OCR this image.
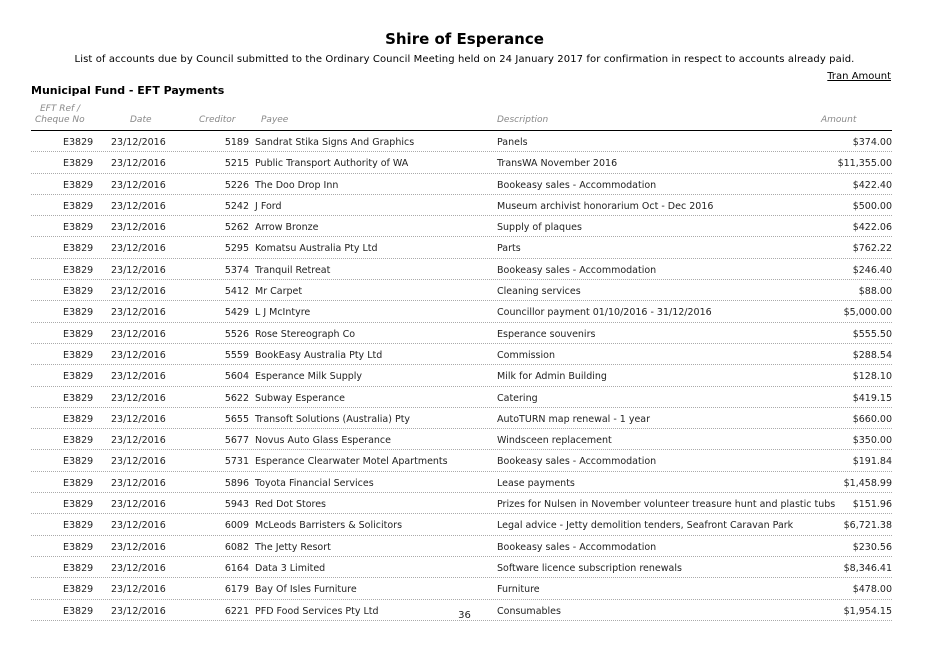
Shire of Esperance
List of accounts due by Council submitted to the Ordinary Council Meeting held on 24 January 2017 for confirmation in respect to accounts already paid.
Tran Amount
Municipal Fund - EFT Payments
EFT Ref /
Cheque No	Date	Creditor	Payee	Description	Amount
E3829 23/12/2016	5189 Sandrat Stika Signs And Graphics	Panels	$374.00
E3829 23/12/2016	5215 Public Transport Authority of WA	TransWA November 2016	$11,355.00
E3829 23/12/2016	5226 The Doo Drop Inn	Bookeasy sales - Accommodation	$422.40
E3829 23/12/2016	5242 J Ford	Museum archivist honorarium Oct - Dec 2016	$500.00
E3829 23/12/2016	5262 Arrow Bronze	Supply of plaques	$422.06
E3829 23/12/2016	5295 Komatsu Australia Pty Ltd	Parts	$762.22
E3829 23/12/2016	5374 Tranquil Retreat	Bookeasy sales - Accommodation	$246.40
E3829 23/12/2016	5412 Mr Carpet	Cleaning services	$88.00
E3829 23/12/2016	5429 L J McIntyre	Councillor payment 01/10/2016 - 31/12/2016	$5,000.00
E3829 23/12/2016	5526 Rose Stereograph Co	Esperance souvenirs	$555.50
E3829 23/12/2016	5559 BookEasy Australia Pty Ltd	Commission	$288.54
E3829 23/12/2016	5604 Esperance Milk Supply	Milk for Admin Building	$128.10
E3829 23/12/2016	5622 Subway Esperance	Catering	$419.15
E3829 23/12/2016	5655 Transoft Solutions (Australia) Pty	AutoTURN map renewal - 1 year	$660.00
E3829 23/12/2016	5677 Novus Auto Glass Esperance	Windsceen replacement	$350.00
E3829 23/12/2016	5731 Esperance Clearwater Motel Apartments	Bookeasy sales - Accommodation	$191.84
E3829 23/12/2016	5896 Toyota Financial Services	Lease payments	$1,458.99
E3829 23/12/2016	5943 Red Dot Stores	Prizes for Nulsen in November volunteer treasure hunt and plastic tubs $151.96
E3829 23/12/2016	6009 McLeods Barristers & Solicitors	Legal advice - Jetty demolition tenders, Seafront Caravan Park	$6,721.38
E3829 23/12/2016	6082 The Jetty Resort	Bookeasy sales - Accommodation	$230.56
E3829 23/12/2016	6164 Data 3 Limited	Software licence subscription renewals	$8,346.41
E3829 23/12/2016	6179 Bay Of Isles Furniture	Furniture	$478.00
E3829 23/12/2016	6221 PFD Food Services Pty Ltd	Consumables	$1,954.15
36
